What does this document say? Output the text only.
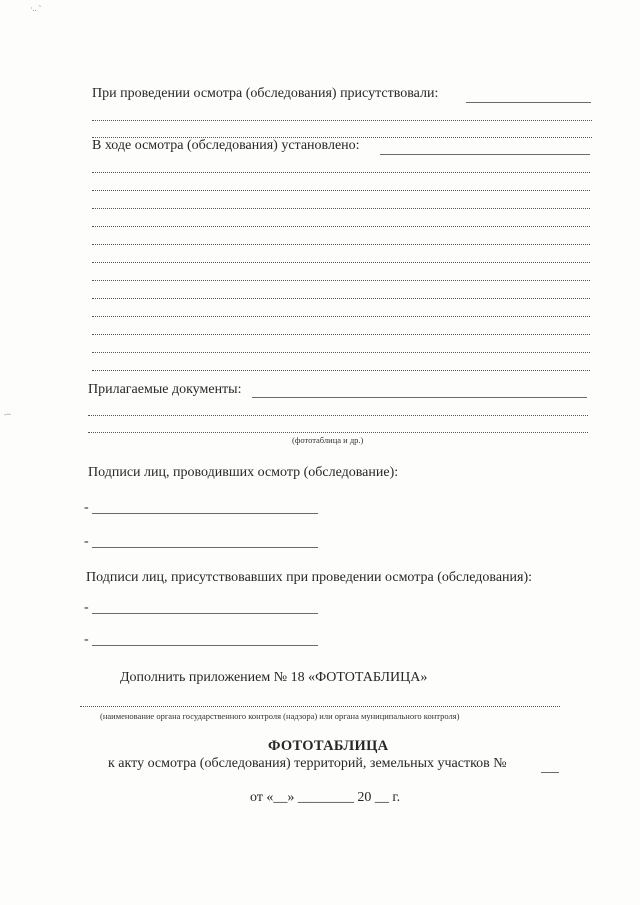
·.. ˜
-~
При проведении осмотра (обследования) присутствовали:
В ходе осмотра (обследования) установлено:
Прилагаемые документы:
(фототаблица и др.)
Подписи лиц, проводивших осмотр (обследование):
-
-
Подписи лиц, присутствовавших при проведении осмотра (обследования):
-
-
Дополнить приложением № 18 «ФОТОТАБЛИЦА»
(наименование органа государственного контроля (надзора) или органа муниципального контроля)
ФОТОТАБЛИЦА
к акту осмотра (обследования) территорий, земельных участков №
от «__» ________ 20 __ г.
